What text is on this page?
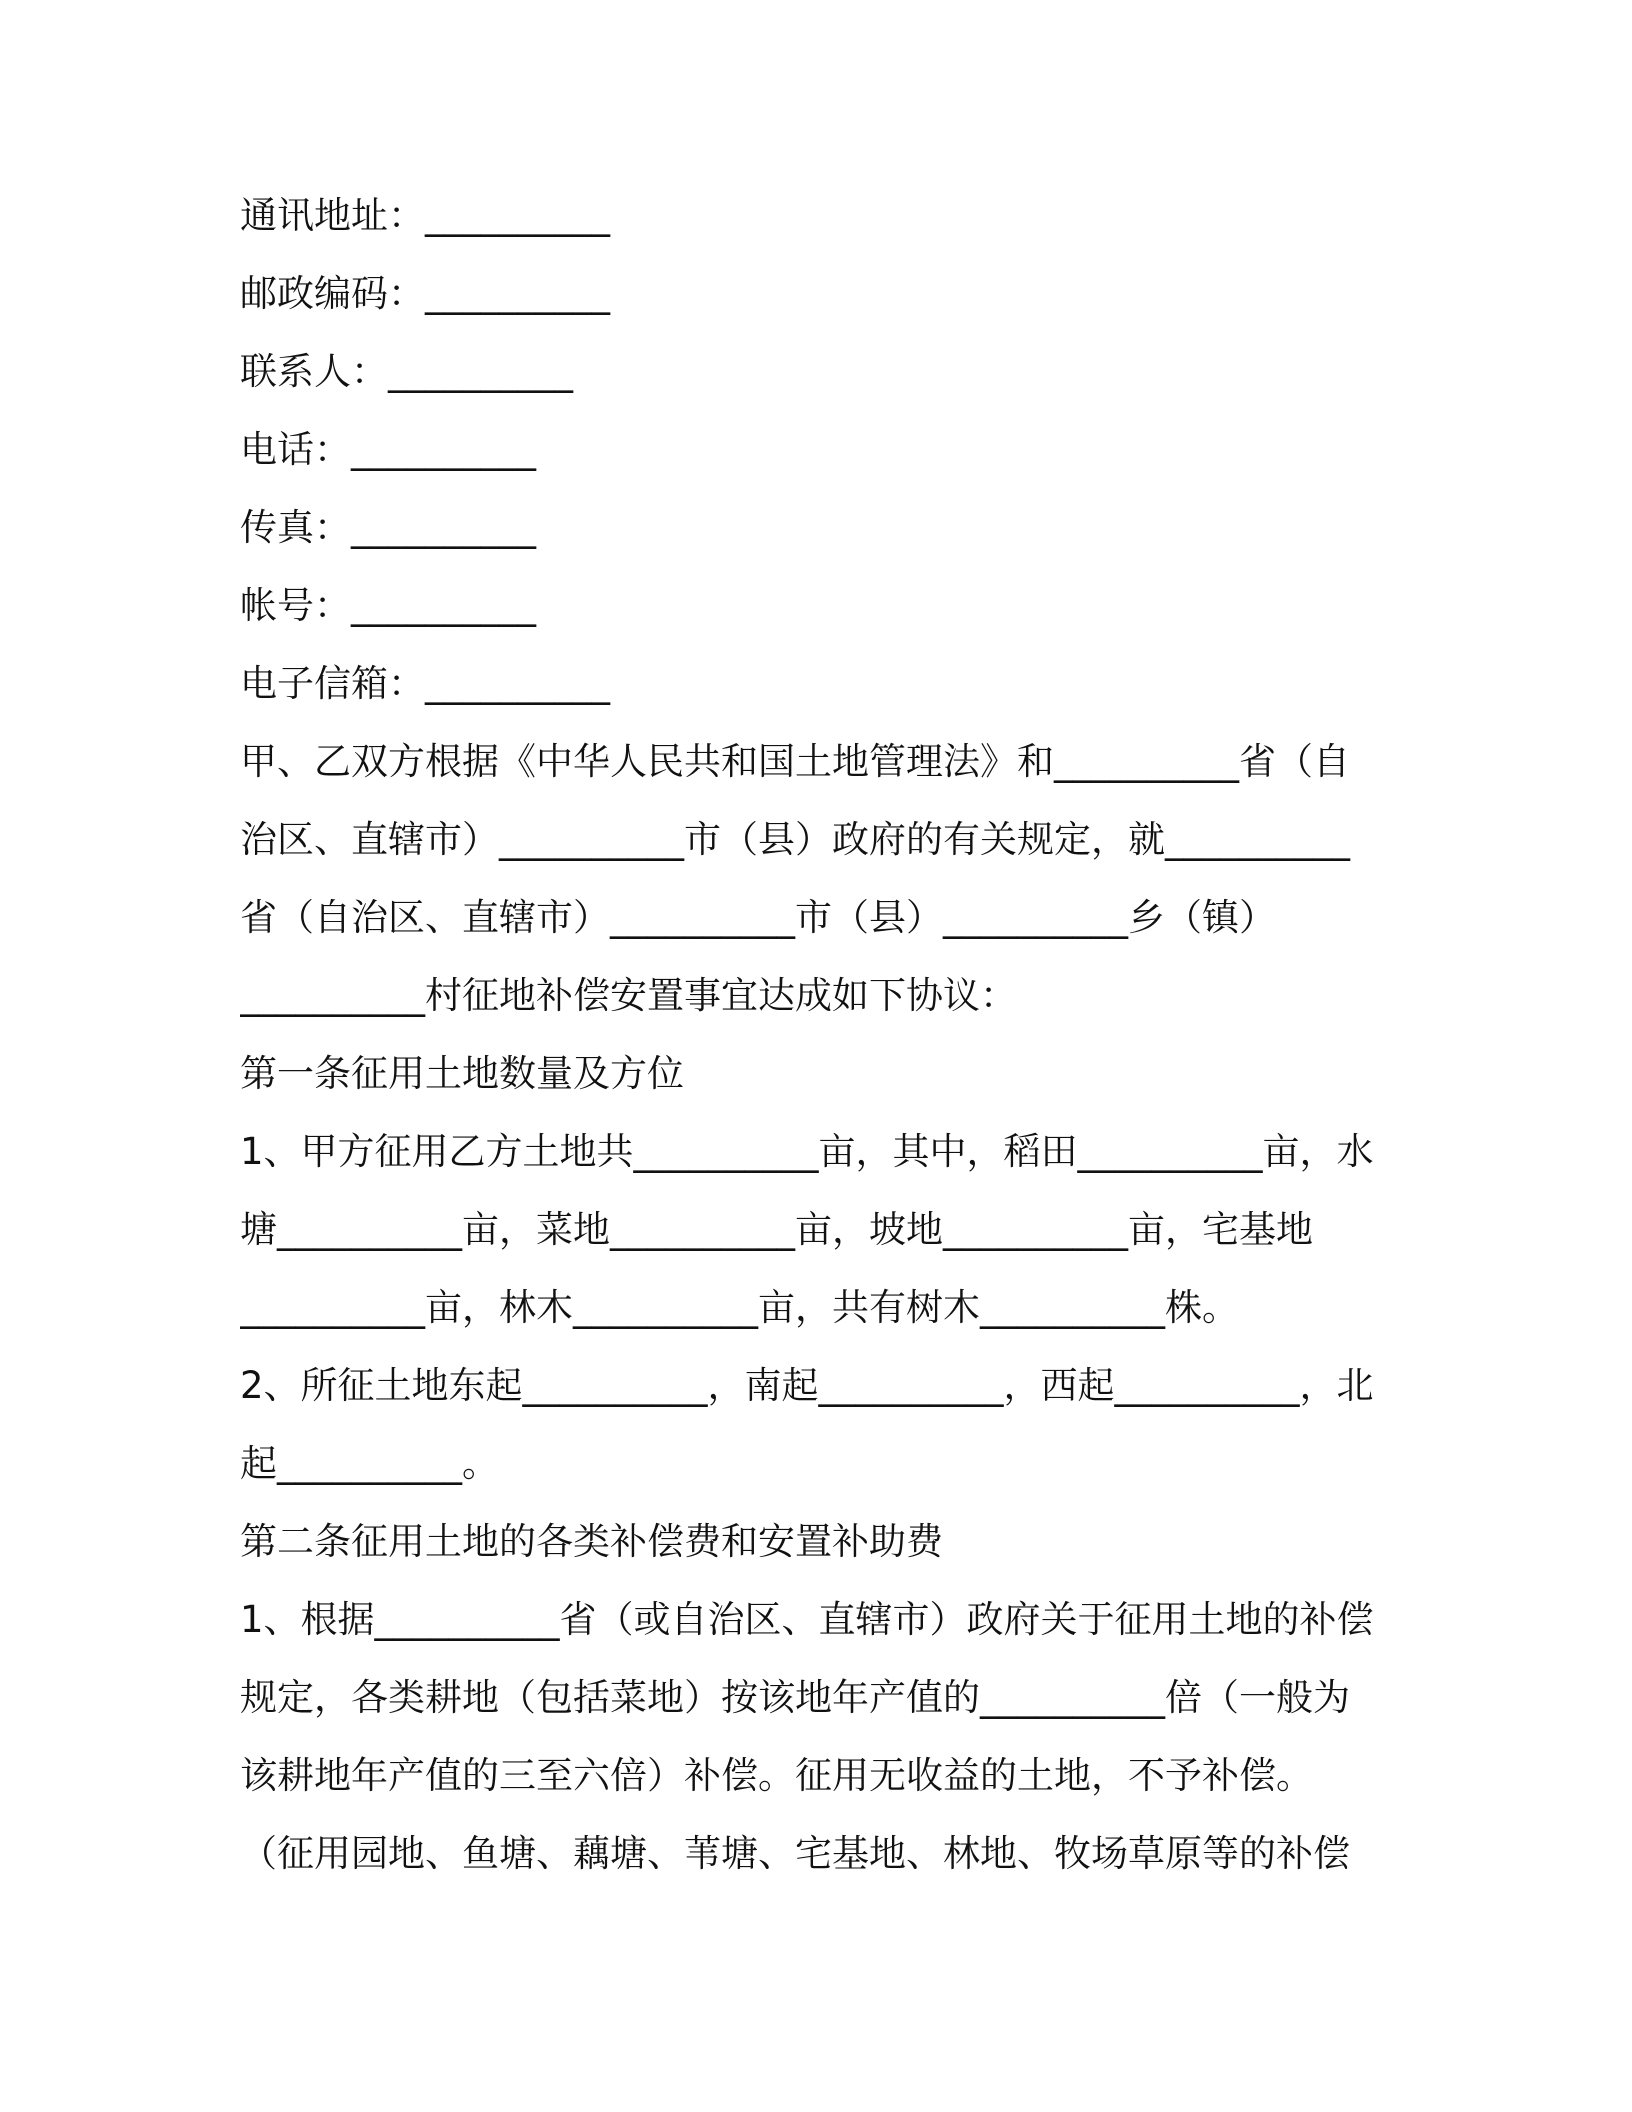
通讯地址：__________
邮政编码：__________
联系人：__________
电话：__________
传真：__________
帐号：__________
电子信箱：__________
甲、乙双方根据《中华人民共和国土地管理法》和__________省（自
治区、直辖市）__________市（县）政府的有关规定，就__________
省（自治区、直辖市）__________市（县）__________乡（镇）
__________村征地补偿安置事宜达成如下协议：
第一条征用土地数量及方位
1、甲方征用乙方土地共__________亩，其中，稻田__________亩，水
塘__________亩，菜地__________亩，坡地__________亩，宅基地
__________亩，林木__________亩，共有树木__________株。
2、所征土地东起__________，南起__________，西起__________，北
起__________。
第二条征用土地的各类补偿费和安置补助费
1、根据__________省（或自治区、直辖市）政府关于征用土地的补偿
规定，各类耕地（包括菜地）按该地年产值的__________倍（一般为
该耕地年产值的三至六倍）补偿。征用无收益的土地，不予补偿。
（征用园地、鱼塘、藕塘、苇塘、宅基地、林地、牧场草原等的补偿
